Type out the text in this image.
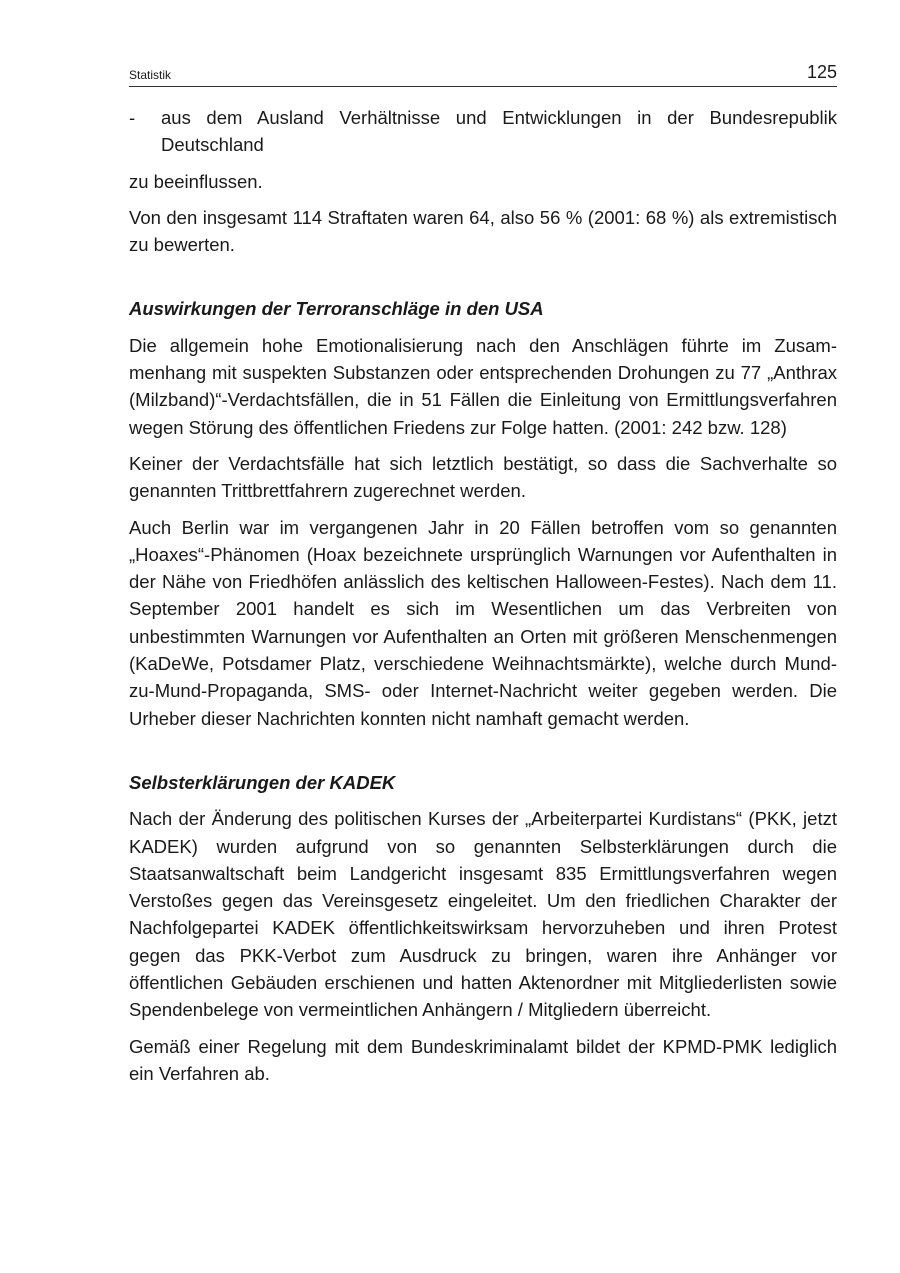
Statistik	125
-	aus dem Ausland Verhältnisse und Entwicklungen in der Bundesrepublik Deutschland

zu beeinflussen.

Von den insgesamt 114 Straftaten waren 64, also 56 % (2001: 68 %) als extremistisch zu bewerten.

Auswirkungen der Terroranschläge in den USA

Die allgemein hohe Emotionalisierung nach den Anschlägen führte im Zusammenhang mit suspekten Substanzen oder entsprechenden Drohungen zu 77 „Anthrax (Milzband)“-Verdachtsfällen, die in 51 Fällen die Einleitung von Ermittlungsverfahren wegen Störung des öffentlichen Friedens zur Folge hatten. (2001: 242 bzw. 128)

Keiner der Verdachtsfälle hat sich letztlich bestätigt, so dass die Sachverhalte so genannten Trittbrettfahrern zugerechnet werden.

Auch Berlin war im vergangenen Jahr in 20 Fällen betroffen vom so genannten „Hoaxes“-Phänomen (Hoax bezeichnete ursprünglich Warnungen vor Aufenthalten in der Nähe von Friedhöfen anlässlich des keltischen Halloween-Festes). Nach dem 11. September 2001 handelt es sich im Wesentlichen um das Verbreiten von unbestimmten Warnungen vor Aufenthalten an Orten mit größeren Menschenmengen (KaDeWe, Potsdamer Platz, verschiedene Weihnachtsmärkte), welche durch Mund-zu-Mund-Propaganda, SMS- oder Internet-Nachricht weiter gegeben werden. Die Urheber dieser Nachrichten konnten nicht namhaft gemacht werden.

Selbsterklärungen der KADEK

Nach der Änderung des politischen Kurses der „Arbeiterpartei Kurdistans“ (PKK, jetzt KADEK) wurden aufgrund von so genannten Selbsterklärungen durch die Staatsanwaltschaft beim Landgericht insgesamt 835 Ermittlungsverfahren wegen Verstoßes gegen das Vereinsgesetz eingeleitet. Um den friedlichen Charakter der Nachfolgepartei KADEK öffentlichkeitswirksam hervorzuheben und ihren Protest gegen das PKK-Verbot zum Ausdruck zu bringen, waren ihre Anhänger vor öffentlichen Gebäuden erschienen und hatten Aktenordner mit Mitgliederlisten sowie Spendenbelege von vermeintlichen Anhängern / Mitgliedern überreicht.

Gemäß einer Regelung mit dem Bundeskriminalamt bildet der KPMD-PMK lediglich ein Verfahren ab.
